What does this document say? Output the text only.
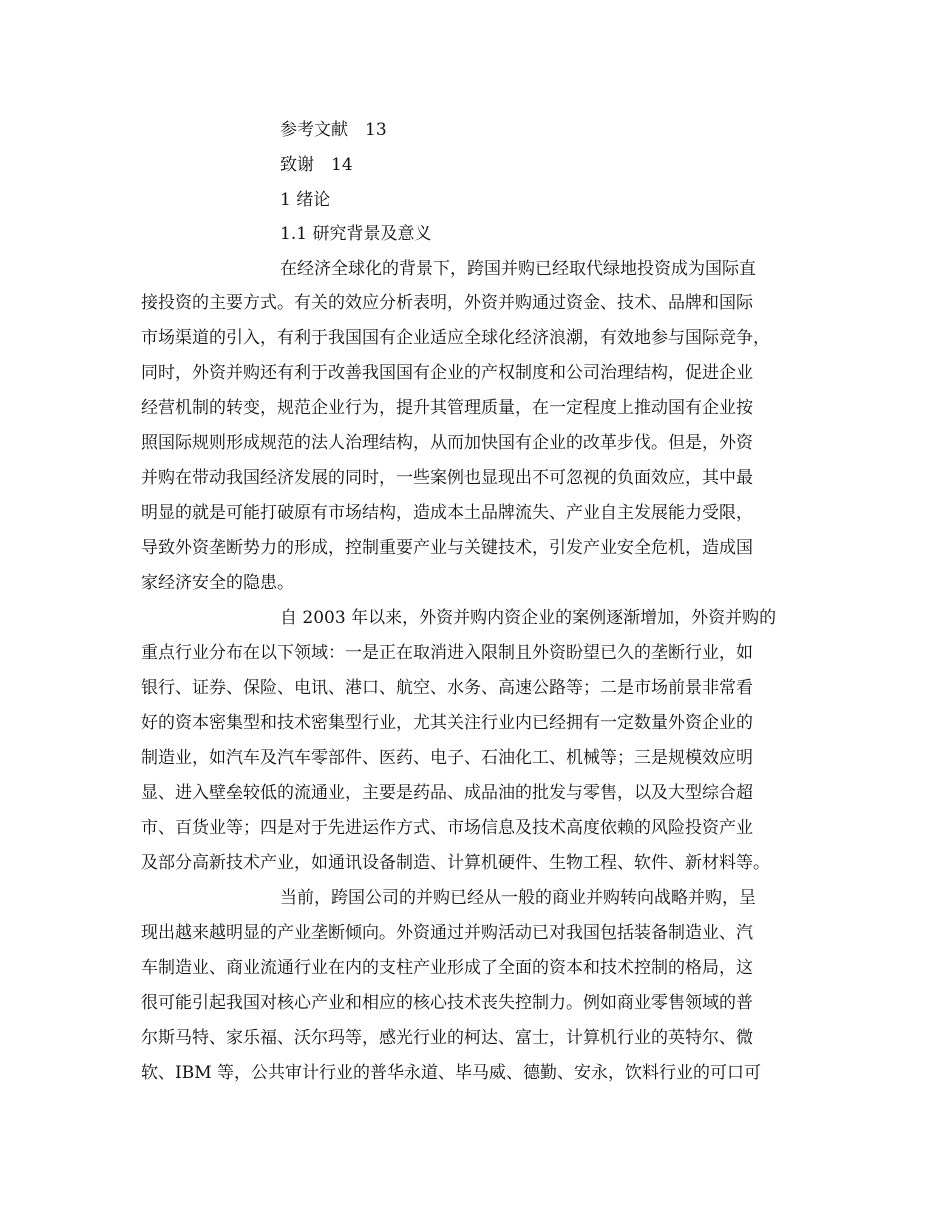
参考文献　13
致谢　14
1 绪论
1.1 研究背景及意义
在经济全球化的背景下，跨国并购已经取代绿地投资成为国际直
接投资的主要方式。有关的效应分析表明，外资并购通过资金、技术、品牌和国际
市场渠道的引入，有利于我国国有企业适应全球化经济浪潮，有效地参与国际竞争，
同时，外资并购还有利于改善我国国有企业的产权制度和公司治理结构，促进企业
经营机制的转变，规范企业行为，提升其管理质量，在一定程度上推动国有企业按
照国际规则形成规范的法人治理结构，从而加快国有企业的改革步伐。但是，外资
并购在带动我国经济发展的同时，一些案例也显现出不可忽视的负面效应，其中最
明显的就是可能打破原有市场结构，造成本土品牌流失、产业自主发展能力受限，
导致外资垄断势力的形成，控制重要产业与关键技术，引发产业安全危机，造成国
家经济安全的隐患。
自 2003 年以来，外资并购内资企业的案例逐渐增加，外资并购的
重点行业分布在以下领域：一是正在取消进入限制且外资盼望已久的垄断行业，如
银行、证券、保险、电讯、港口、航空、水务、高速公路等；二是市场前景非常看
好的资本密集型和技术密集型行业，尤其关注行业内已经拥有一定数量外资企业的
制造业，如汽车及汽车零部件、医药、电子、石油化工、机械等；三是规模效应明
显、进入壁垒较低的流通业，主要是药品、成品油的批发与零售，以及大型综合超
市、百货业等；四是对于先进运作方式、市场信息及技术高度依赖的风险投资产业
及部分高新技术产业，如通讯设备制造、计算机硬件、生物工程、软件、新材料等。
当前，跨国公司的并购已经从一般的商业并购转向战略并购，呈
现出越来越明显的产业垄断倾向。外资通过并购活动已对我国包括装备制造业、汽
车制造业、商业流通行业在内的支柱产业形成了全面的资本和技术控制的格局，这
很可能引起我国对核心产业和相应的核心技术丧失控制力。例如商业零售领域的普
尔斯马特、家乐福、沃尔玛等，感光行业的柯达、富士，计算机行业的英特尔、微
软、IBM 等，公共审计行业的普华永道、毕马威、德勤、安永，饮料行业的可口可
